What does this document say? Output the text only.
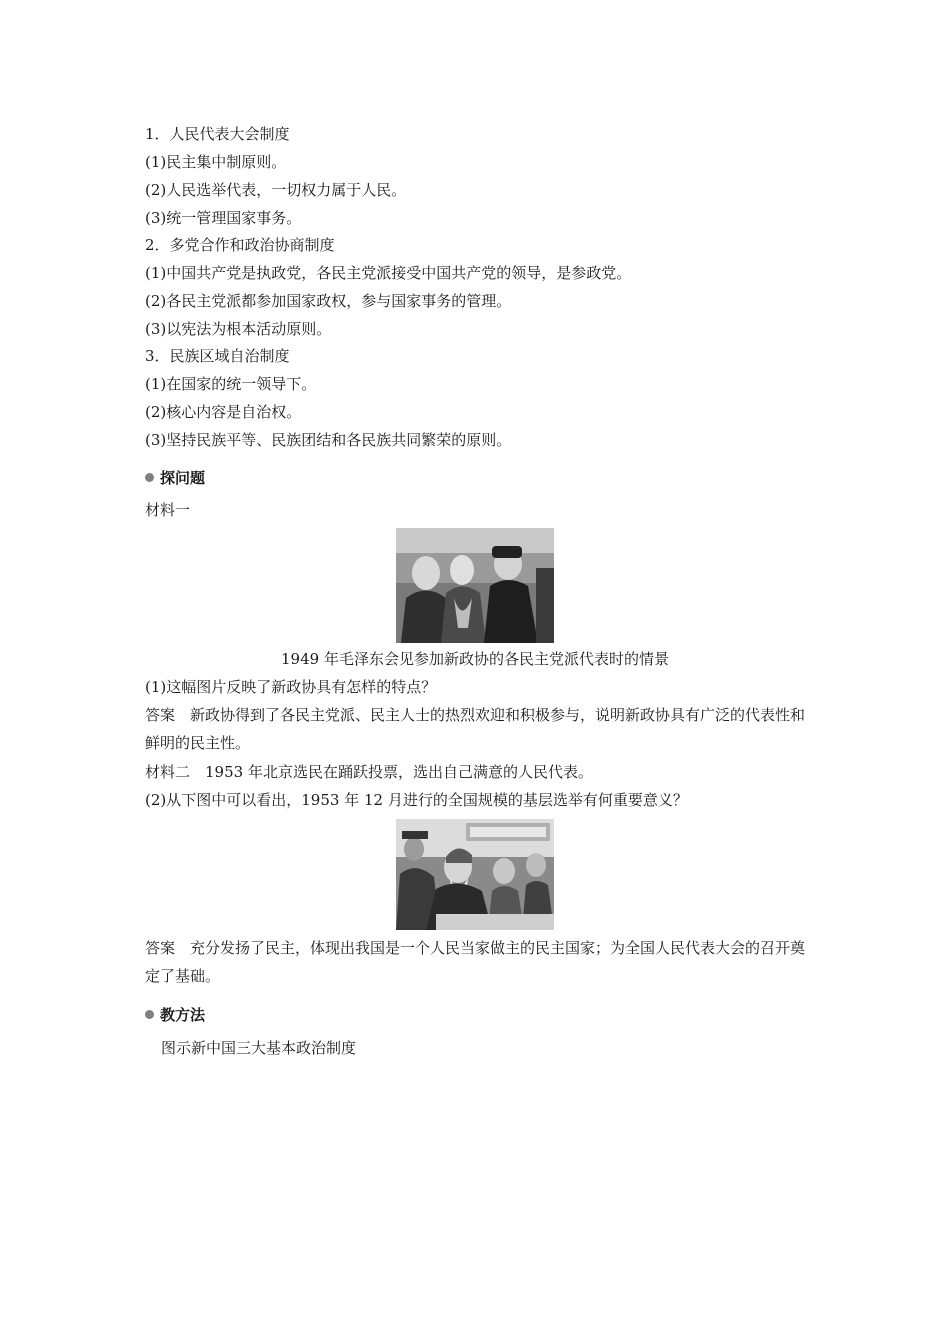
1．人民代表大会制度
(1)民主集中制原则。
(2)人民选举代表，一切权力属于人民。
(3)统一管理国家事务。
2．多党合作和政治协商制度
(1)中国共产党是执政党，各民主党派接受中国共产党的领导，是参政党。
(2)各民主党派都参加国家政权，参与国家事务的管理。
(3)以宪法为根本活动原则。
3．民族区域自治制度
(1)在国家的统一领导下。
(2)核心内容是自治权。
(3)坚持民族平等、民族团结和各民族共同繁荣的原则。
探问题
材料一
1949 年毛泽东会见参加新政协的各民主党派代表时的情景
(1)这幅图片反映了新政协具有怎样的特点？
答案　新政协得到了各民主党派、民主人士的热烈欢迎和积极参与，说明新政协具有广泛的代表性和鲜明的民主性。
材料二　1953 年北京选民在踊跃投票，选出自己满意的人民代表。
(2)从下图中可以看出，1953 年 12 月进行的全国规模的基层选举有何重要意义？
答案　充分发扬了民主，体现出我国是一个人民当家做主的民主国家；为全国人民代表大会的召开奠定了基础。
教方法
图示新中国三大基本政治制度
